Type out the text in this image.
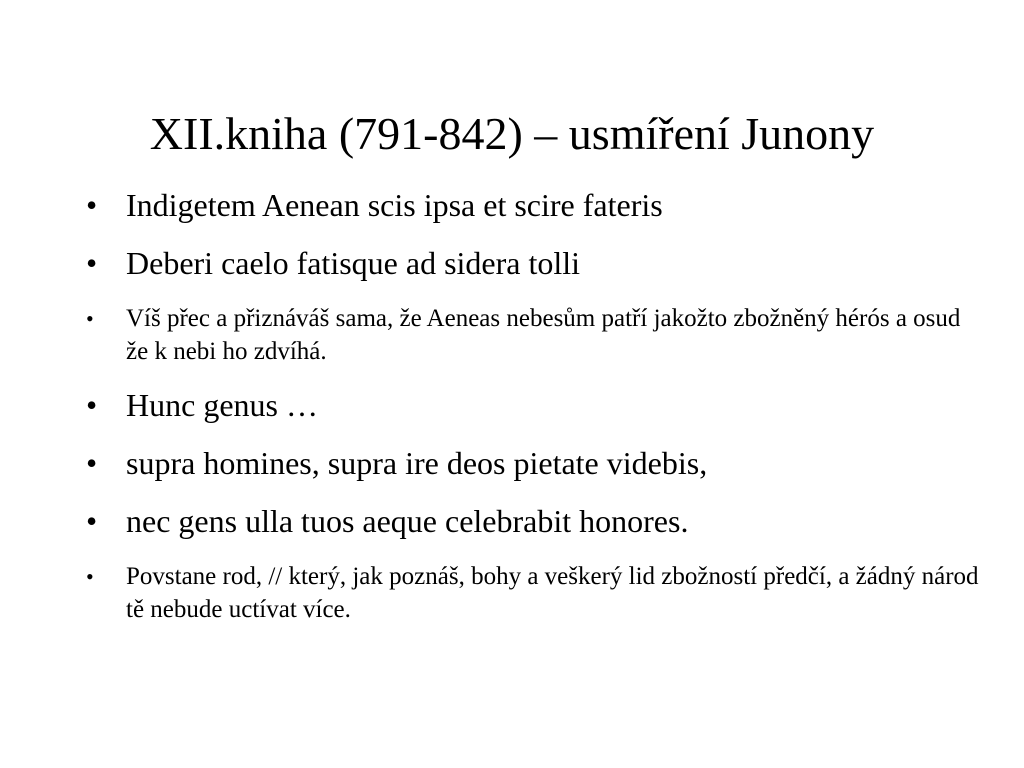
XII.kniha (791-842) – usmíření Junony
• Indigetem Aenean scis ipsa et scire fateris
• Deberi caelo fatisque ad sidera tolli
• Víš přec a přiznáváš sama, že Aeneas nebesům patří jakožto zbožněný hérós a osud že k nebi ho zdvíhá.
• Hunc genus …
• supra homines, supra ire deos pietate videbis,
• nec gens ulla tuos aeque celebrabit honores.
• Povstane rod, // který, jak poznáš, bohy a veškerý lid zbožností předčí, a žádný národ tě nebude uctívat více.
